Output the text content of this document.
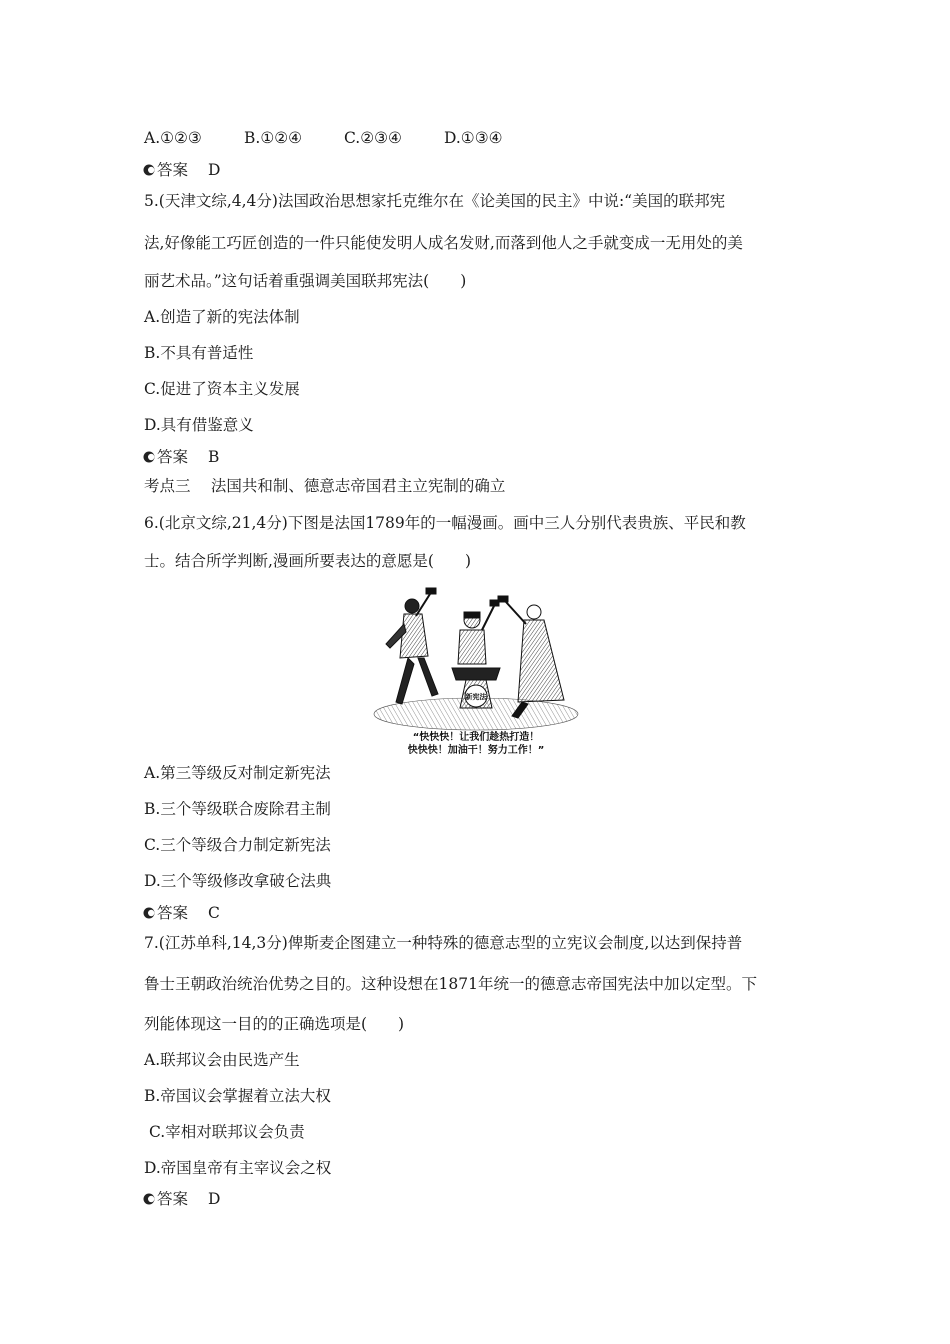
A.①②③	B.①②④	C.②③④	D.①③④
答案 D
5.(天津文综,4,4分)法国政治思想家托克维尔在《论美国的民主》中说:“美国的联邦宪
法,好像能工巧匠创造的一件只能使发明人成名发财,而落到他人之手就变成一无用处的美
丽艺术品。”这句话着重强调美国联邦宪法(　　)
A.创造了新的宪法体制
B.不具有普适性
C.促进了资本主义发展
D.具有借鉴意义
答案 B
考点三　 法国共和制、德意志帝国君主立宪制的确立
6.(北京文综,21,4分)下图是法国1789年的一幅漫画。画中三人分别代表贵族、平民和教
士。结合所学判断,漫画所要表达的意愿是(　　)
新宪法
“快快快！让我们趁热打造！
快快快！加油干！努力工作！”
A.第三等级反对制定新宪法
B.三个等级联合废除君主制
C.三个等级合力制定新宪法
D.三个等级修改拿破仑法典
答案 C
7.(江苏单科,14,3分)俾斯麦企图建立一种特殊的德意志型的立宪议会制度,以达到保持普
鲁士王朝政治统治优势之目的。这种设想在1871年统一的德意志帝国宪法中加以定型。下
列能体现这一目的的正确选项是(　　)
A.联邦议会由民选产生
B.帝国议会掌握着立法大权
C.宰相对联邦议会负责
D.帝国皇帝有主宰议会之权
答案 D
